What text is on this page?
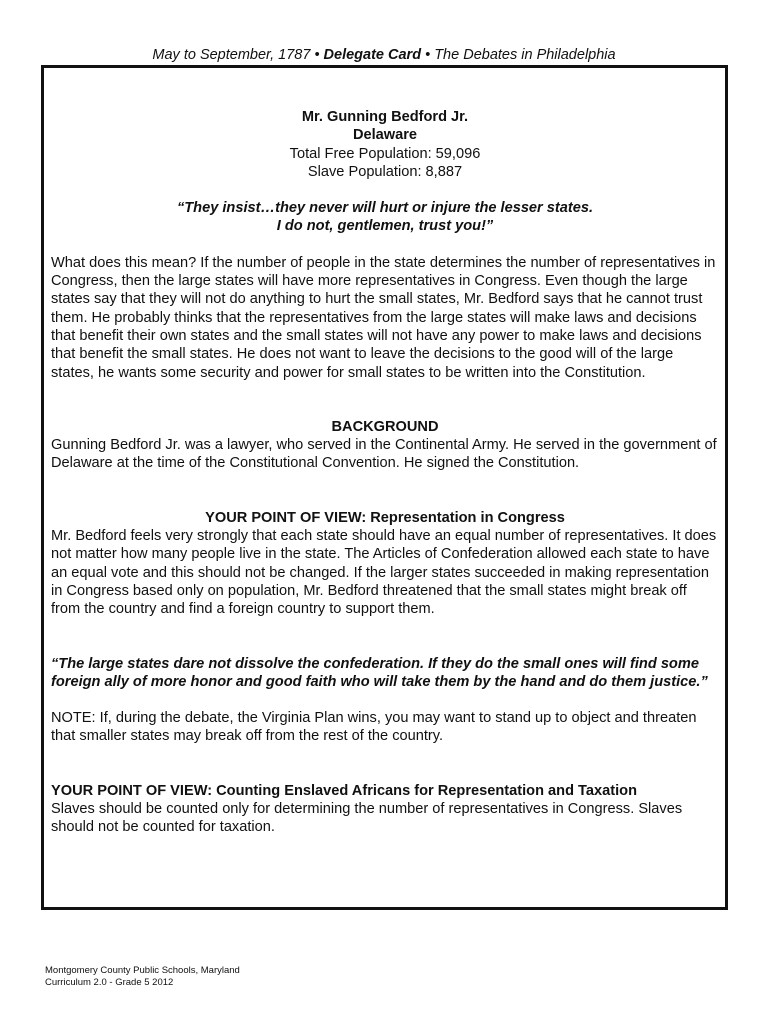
May to September, 1787 • Delegate Card • The Debates in Philadelphia

Mr. Gunning Bedford Jr.

Delaware

Total Free Population: 59,096

Slave Population: 8,887

“They insist…they never will hurt or injure the lesser states.

I do not, gentlemen, trust you!”

What does this mean? If the number of people in the state determines the number of representatives in Congress, then the large states will have more representatives in Congress. Even though the large states say that they will not do anything to hurt the small states, Mr. Bedford says that he cannot trust them. He probably thinks that the representatives from the large states will make laws and decisions that benefit their own states and the small states will not have any power to make laws and decisions that benefit the small states. He does not want to leave the decisions to the good will of the large states, he wants some security and power for small states to be written into the Constitution.

BACKGROUND

Gunning Bedford Jr. was a lawyer, who served in the Continental Army. He served in the government of Delaware at the time of the Constitutional Convention. He signed the Constitution.

YOUR POINT OF VIEW: Representation in Congress

Mr. Bedford feels very strongly that each state should have an equal number of representatives. It does not matter how many people live in the state. The Articles of Confederation allowed each state to have an equal vote and this should not be changed. If the larger states succeeded in making representation in Congress based only on population, Mr. Bedford threatened that the small states might break off from the country and find a foreign country to support them.

“The large states dare not dissolve the confederation. If they do the small ones will find some foreign ally of more honor and good faith who will take them by the hand and do them justice.”

NOTE: If, during the debate, the Virginia Plan wins, you may want to stand up to object and threaten that smaller states may break off from the rest of the country.

YOUR POINT OF VIEW: Counting Enslaved Africans for Representation and Taxation

Slaves should be counted only for determining the number of representatives in Congress. Slaves should not be counted for taxation.

Montgomery County Public Schools, Maryland
Curriculum 2.0 - Grade 5 2012
